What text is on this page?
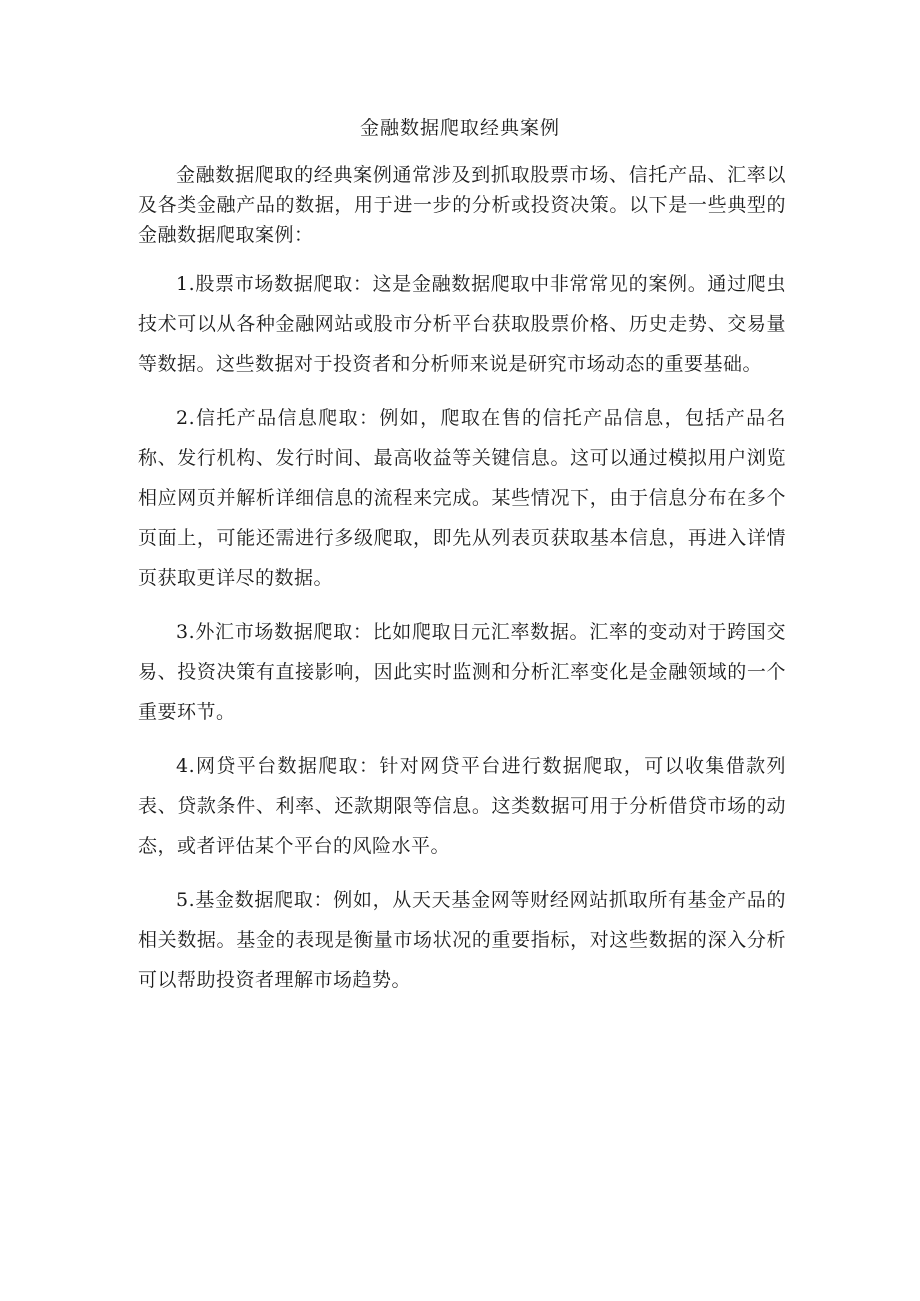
金融数据爬取经典案例

金融数据爬取的经典案例通常涉及到抓取股票市场、信托产品、汇率以及各类金融产品的数据，用于进一步的分析或投资决策。以下是一些典型的金融数据爬取案例：

1.股票市场数据爬取：这是金融数据爬取中非常常见的案例。通过爬虫技术可以从各种金融网站或股市分析平台获取股票价格、历史走势、交易量等数据。这些数据对于投资者和分析师来说是研究市场动态的重要基础。

2.信托产品信息爬取：例如，爬取在售的信托产品信息，包括产品名称、发行机构、发行时间、最高收益等关键信息。这可以通过模拟用户浏览相应网页并解析详细信息的流程来完成。某些情况下，由于信息分布在多个页面上，可能还需进行多级爬取，即先从列表页获取基本信息，再进入详情页获取更详尽的数据。

3.外汇市场数据爬取：比如爬取日元汇率数据。汇率的变动对于跨国交易、投资决策有直接影响，因此实时监测和分析汇率变化是金融领域的一个重要环节。

4.网贷平台数据爬取：针对网贷平台进行数据爬取，可以收集借款列表、贷款条件、利率、还款期限等信息。这类数据可用于分析借贷市场的动态，或者评估某个平台的风险水平。

5.基金数据爬取：例如，从天天基金网等财经网站抓取所有基金产品的相关数据。基金的表现是衡量市场状况的重要指标，对这些数据的深入分析可以帮助投资者理解市场趋势。
